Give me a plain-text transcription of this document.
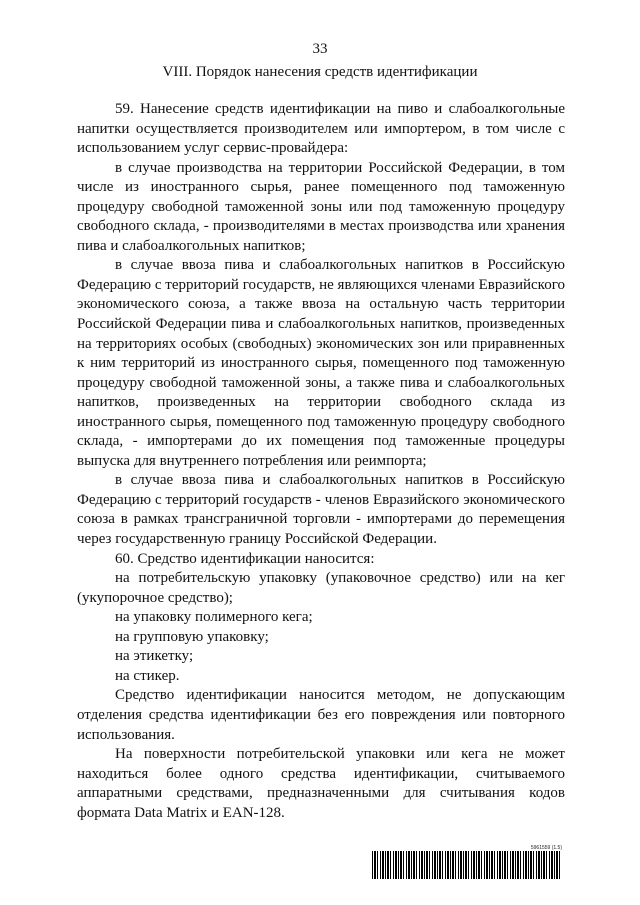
33
VIII. Порядок нанесения средств идентификации

59. Нанесение средств идентификации на пиво и слабоалкогольные напитки осуществляется производителем или импортером, в том числе с использованием услуг сервис-провайдера:

в случае производства на территории Российской Федерации, в том числе из иностранного сырья, ранее помещенного под таможенную процедуру свободной таможенной зоны или под таможенную процедуру свободного склада, - производителями в местах производства или хранения пива и слабоалкогольных напитков;

в случае ввоза пива и слабоалкогольных напитков в Российскую Федерацию с территорий государств, не являющихся членами Евразийского экономического союза, а также ввоза на остальную часть территории Российской Федерации пива и слабоалкогольных напитков, произведенных на территориях особых (свободных) экономических зон или приравненных к ним территорий из иностранного сырья, помещенного под таможенную процедуру свободной таможенной зоны, а также пива и слабоалкогольных напитков, произведенных на территории свободного склада из иностранного сырья, помещенного под таможенную процедуру свободного склада, - импортерами до их помещения под таможенные процедуры выпуска для внутреннего потребления или реимпорта;

в случае ввоза пива и слабоалкогольных напитков в Российскую Федерацию с территорий государств - членов Евразийского экономического союза в рамках трансграничной торговли - импортерами до перемещения через государственную границу Российской Федерации.

60. Средство идентификации наносится:

на потребительскую упаковку (упаковочное средство) или на кег (укупорочное средство);

на упаковку полимерного кега;

на групповую упаковку;

на этикетку;

на стикер.

Средство идентификации наносится методом, не допускающим отделения средства идентификации без его повреждения или повторного использования.

На поверхности потребительской упаковки или кега не может находиться более одного средства идентификации, считываемого аппаратными средствами, предназначенными для считывания кодов формата Data Matrix и EAN-128.

5961559 (1.5)
